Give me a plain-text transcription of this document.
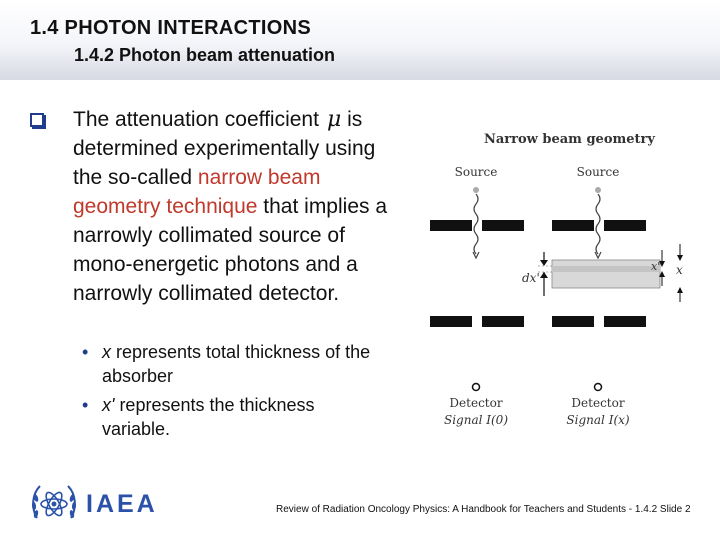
1.4 PHOTON INTERACTIONS
1.4.2 Photon beam attenuation
The attenuation coefficient μ is determined experimentally using the so-called narrow beam geometry technique that implies a narrowly collimated source of mono-energetic photons and a narrowly collimated detector.
• x represents total thickness of the absorber
• x' represents the thickness variable.
Narrow beam geometry
Source	Source
dx'
x' x
Detector	Detector
Signal I(0)	Signal I(x)
IAEA	Review of Radiation Oncology Physics: A Handbook for Teachers and Students - 1.4.2 Slide 2
